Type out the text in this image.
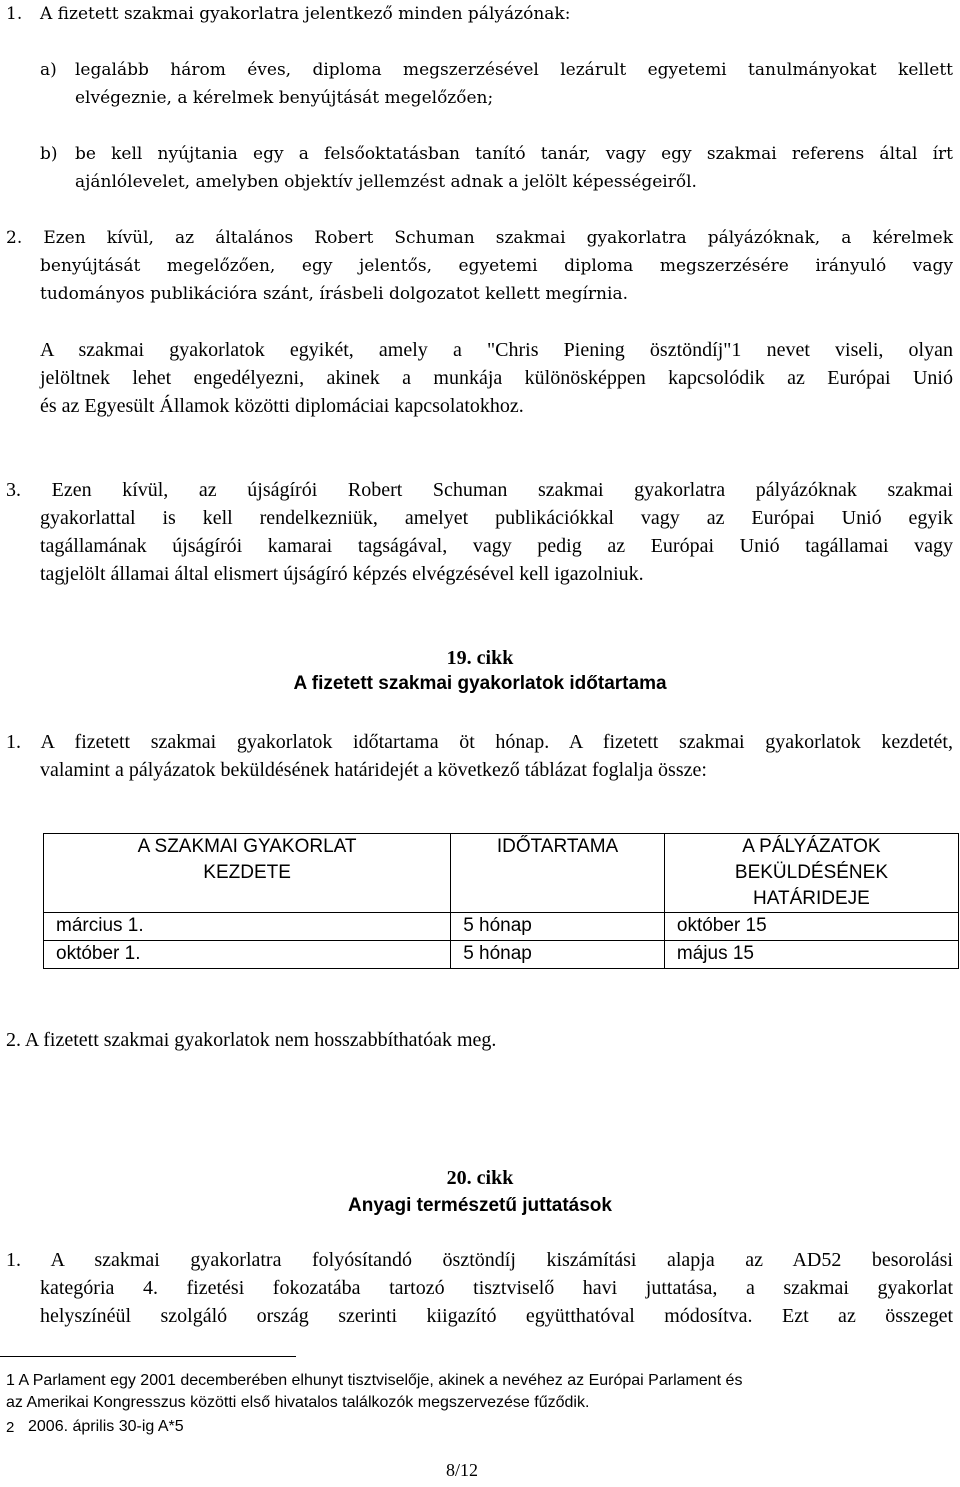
1. A fizetett szakmai gyakorlatra jelentkező minden pályázónak:
a) legalább három éves, diploma megszerzésével lezárult egyetemi tanulmányokat kellett
elvégeznie, a kérelmek benyújtását megelőzően;
b) be kell nyújtania egy a felsőoktatásban tanító tanár, vagy egy szakmai referens által írt
ajánlólevelet, amelyben objektív jellemzést adnak a jelölt képességeiről.
2. Ezen kívül, az általános Robert Schuman szakmai gyakorlatra pályázóknak, a kérelmek
benyújtását megelőzően, egy jelentős, egyetemi diploma megszerzésére irányuló vagy
tudományos publikációra szánt, írásbeli dolgozatot kellett megírnia.
A szakmai gyakorlatok egyikét, amely a "Chris Piening ösztöndíj"1 nevet viseli, olyan
jelöltnek lehet engedélyezni, akinek a munkája különösképpen kapcsolódik az Európai Unió
és az Egyesült Államok közötti diplomáciai kapcsolatokhoz.
3. Ezen kívül, az újságírói Robert Schuman szakmai gyakorlatra pályázóknak szakmai
gyakorlattal is kell rendelkezniük, amelyet publikációkkal vagy az Európai Unió egyik
tagállamának újságírói kamarai tagságával, vagy pedig az Európai Unió tagállamai vagy
tagjelölt államai által elismert újságíró képzés elvégzésével kell igazolniuk.
19. cikk
A fizetett szakmai gyakorlatok időtartama
1. A fizetett szakmai gyakorlatok időtartama öt hónap. A fizetett szakmai gyakorlatok kezdetét,
valamint a pályázatok beküldésének határidejét a következő táblázat foglalja össze:
A SZAKMAI GYAKORLAT KEZDETE	IDŐTARTAMA	A PÁLYÁZATOK BEKÜLDÉSÉNEK HATÁRIDEJE
március 1.	5 hónap	október 15
október 1.	5 hónap	május 15
2. A fizetett szakmai gyakorlatok nem hosszabbíthatóak meg.
20. cikk
Anyagi természetű juttatások
1. A szakmai gyakorlatra folyósítandó ösztöndíj kiszámítási alapja az AD52 besorolási
kategória 4. fizetési fokozatába tartozó tisztviselő havi juttatása, a szakmai gyakorlat
helyszínéül szolgáló ország szerinti kiigazító együtthatóval módosítva. Ezt az összeget
1 A Parlament egy 2001 decemberében elhunyt tisztviselője, akinek a nevéhez az Európai Parlament és
az Amerikai Kongresszus közötti első hivatalos találkozók megszervezése fűződik.
2 2006. április 30-ig A*5
8/12
